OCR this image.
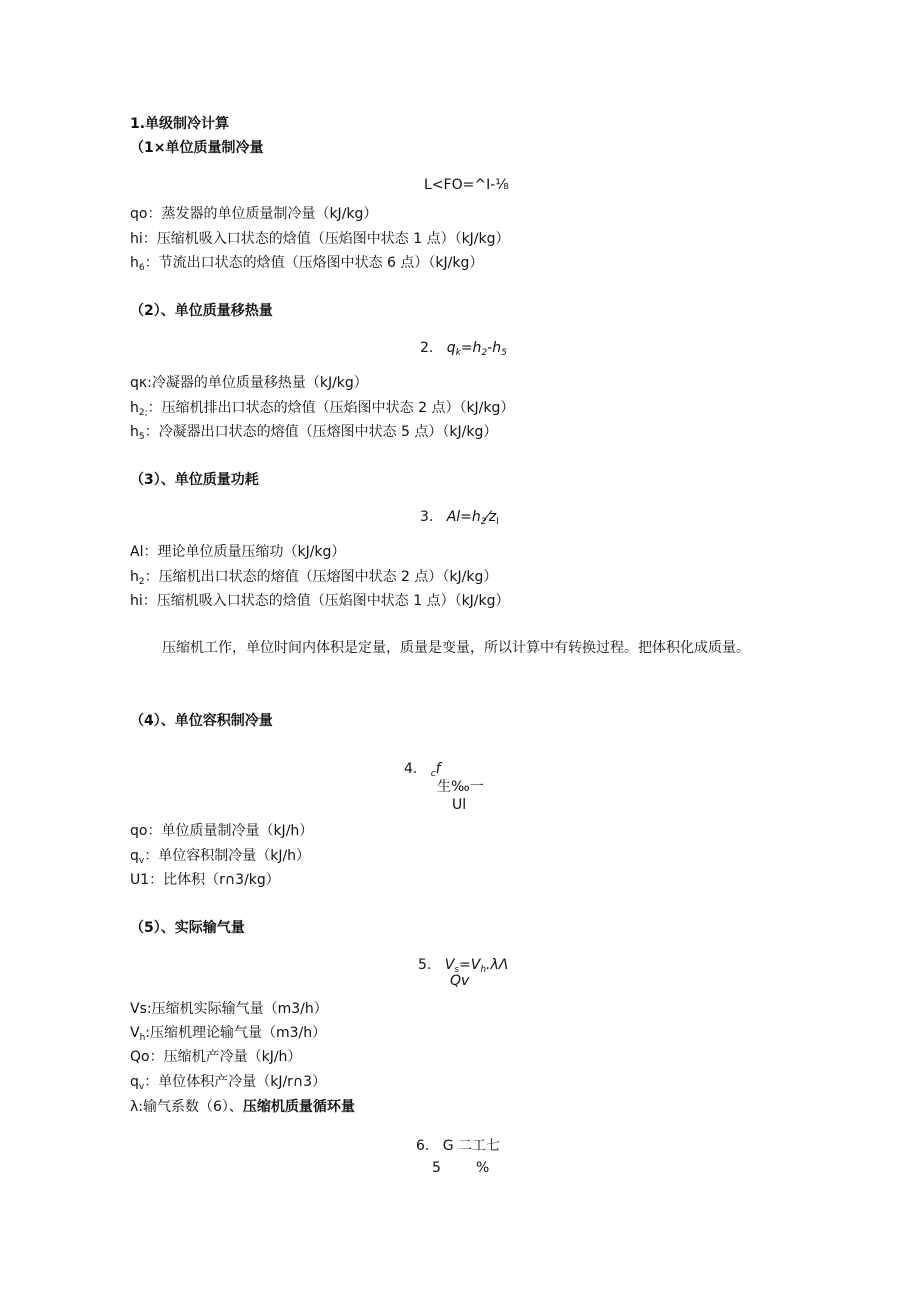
1.单级制冷计算
（1×单位质量制冷量
L<FO=^I-⅛
qo：蒸发器的单位质量制冷量（kJ∕kg）
hi：压缩机吸入口状态的焓值（压焰图中状态 1 点）（kJ∕kg）
$h_6$：节流出口状态的焓值（压烙图中状态 6 点）（kJ∕kg）
（2）、单位质量移热量
2. $q_k=h_2-h_5$
qκ:冷凝器的单位质量移热量（kJ∕kg）
$h_{2;}$：压缩机排出口状态的焓值（压焰图中状态 2 点）（kJ∕kg）
$h_5$：冷凝器出口状态的熔值（压熔图中状态 5 点）（kJ∕kg）
（3）、单位质量功耗
3. $Al=h_2⁄z_l$
Al：理论单位质量压缩功（kJ∕kg）
$h_2$：压缩机出口状态的熔值（压熔图中状态 2 点）（kJ∕kg）
hi：压缩机吸入口状态的焓值（压焰图中状态 1 点）（kJ∕kg）
压缩机工作，单位时间内体积是定量，质量是变量，所以计算中有转换过程。把体积化成质量。
（4）、单位容积制冷量
4. $_c$f
生‰一
Ul
qo：单位质量制冷量（kJ∕h）
$q_v$：单位容积制冷量（kJ∕h）
U1：比体积（r∩3∕kg）
（5）、实际输气量
5. $V_s=V_h.\lambda\Lambda$
Qv
Vs:压缩机实际输气量（m3∕h）
$V_h$:压缩机理论输气量（m3∕h）
Qo：压缩机产冷量（kJ∕h）
$q_v$：单位体积产冷量（kJ∕r∩3）
λ:输气系数（6）、压缩机质量循环量
6. G 二工七
5	%
